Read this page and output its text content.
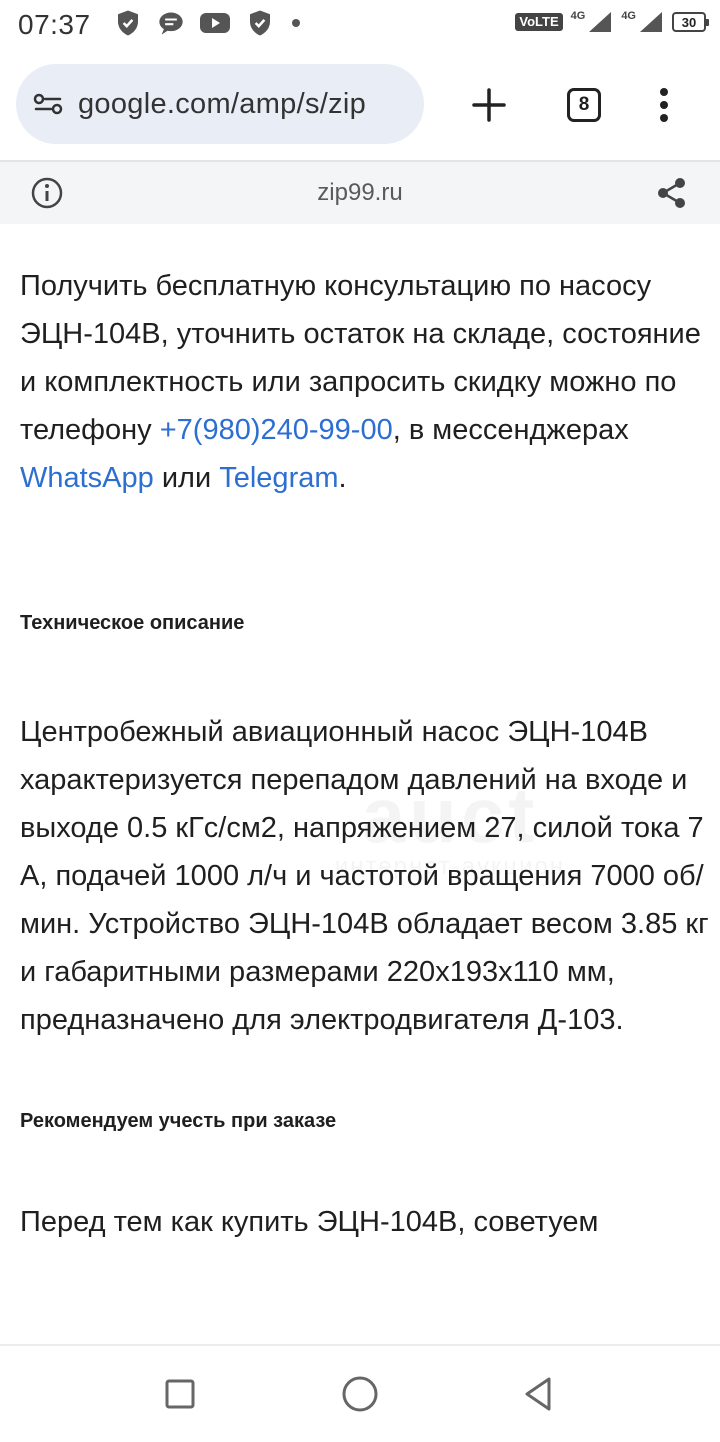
07:37	VoLTE	4G	4G	30
google.com/amp/s/zip	8
zip99.ru

Получить бесплатную консультацию по насосу ЭЦН-104В, уточнить остаток на складе, состояние и комплектность или запросить скидку можно по телефону +7(980)240-99-00, в мессенджерах WhatsApp или Telegram.

Техническое описание

Центробежный авиационный насос ЭЦН-104В характеризуется перепадом давлений на входе и выходе 0.5 кГс/см2, напряжением 27, силой тока 7 А, подачей 1000 л/ч и частотой вращения 7000 об/мин. Устройство ЭЦН-104В обладает весом 3.85 кг и габаритными размерами 220х193х110 мм, предназначено для электродвигателя Д-103.

Рекомендуем учесть при заказе

Перед тем как купить ЭЦН-104В, советуем
